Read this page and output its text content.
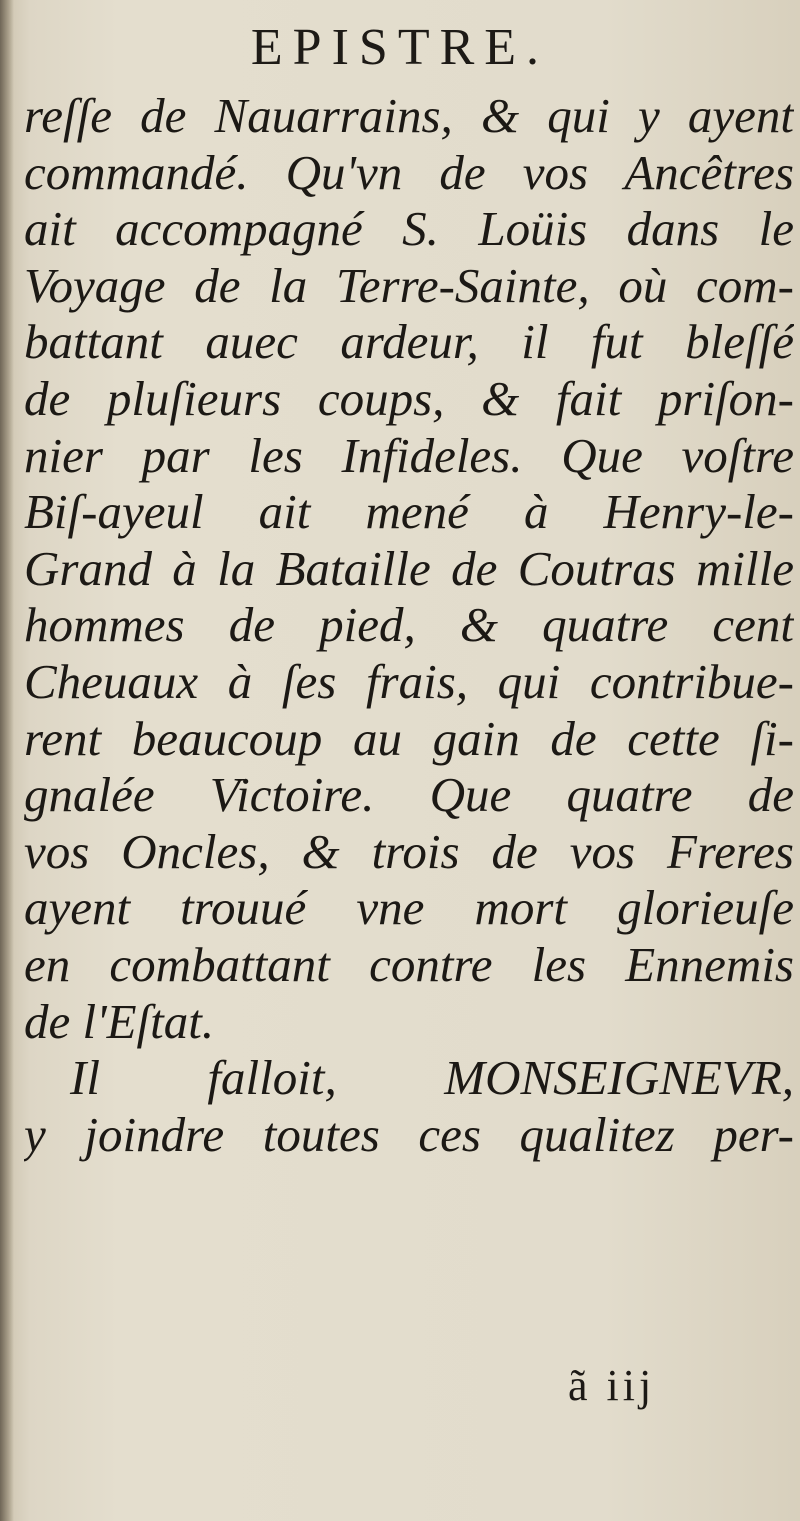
EPISTRE.
reſſe de Nauarrains, & qui y ayent
commandé. Qu'vn de vos Ancêtres
ait accompagné S. Loüis dans le
Voyage de la Terre-Sainte, où com-
battant auec ardeur, il fut bleſſé
de pluſieurs coups, & fait priſon-
nier par les Infideles. Que voſtre
Biſ-ayeul ait mené à Henry-le-
Grand à la Bataille de Coutras mille
hommes de pied, & quatre cent
Cheuaux à ſes frais, qui contribue-
rent beaucoup au gain de cette ſi-
gnalée Victoire. Que quatre de
vos Oncles, & trois de vos Freres
ayent trouué vne mort glorieuſe
en combattant contre les Ennemis
de l'Eſtat.
Il falloit, MONSEIGNEVR,
y joindre toutes ces qualitez per-
ã iij
